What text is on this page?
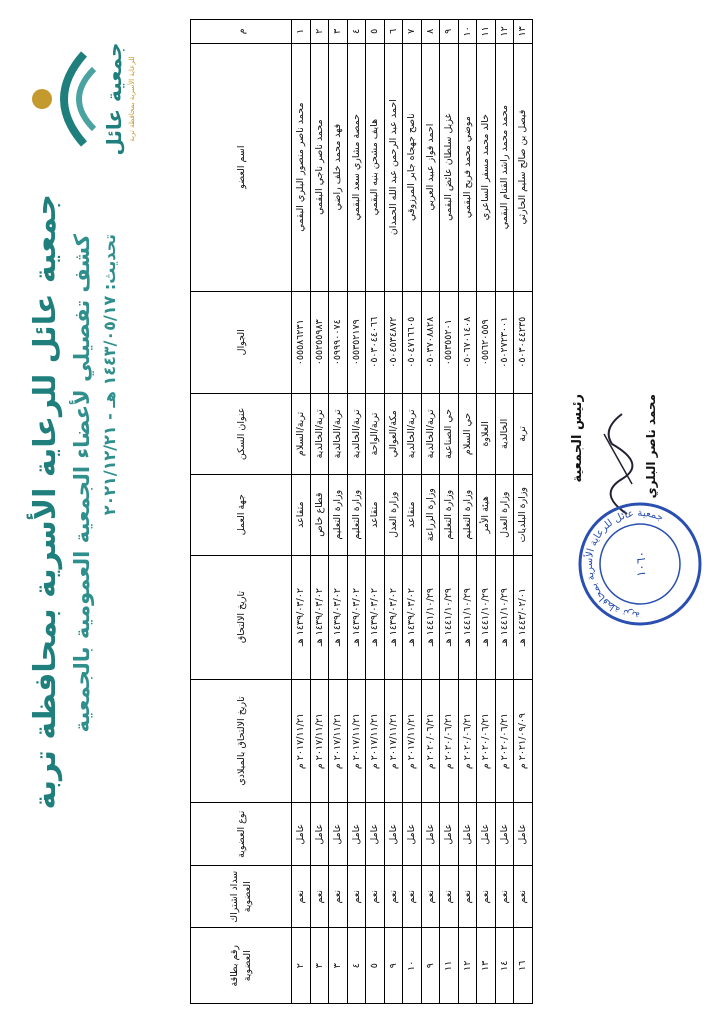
جمعية عائل للرعاية الأسرية بمحافظة تربة
جمعية عائل للرعاية الأسرية بمحافظة تربة كشف تفصيلي لأعضاء الجمعية العمومية بالجمعية تحديث: ١٤٤٣/٠٥/١٧ هـ - ٢٠٢١/١٢/٢١
م	اسم العضو	الجوال	عنوان السكن	جهة العمل	تاريخ الالتحاق	تاريخ الالتحاق بالميلادي	نوع العضوية	سداد اشتراك العضوية	رقم بطاقة العضوية
١	محمد ناصر منصور البلري البقمي	٠٥٥٥٨٦٢٣١	تربة/السلام	متقاعد	١٤٣٩/٠٣/٠٢ هـ	٢٠١٧/١١/٢١ م	عامل	نعم	٢
٢	محمد ناصر ناجي البقمي	٠٥٥٢٥٥٩٨٣	تربة/الخالدية	قطاع خاص	١٤٣٩/٠٣/٠٢ هـ	٢٠١٧/١١/٢١ م	عامل	نعم	٣
٣	فهد محمد خلف راضي	٠٥٩٩٩٠٠٧٤	تربة/الخالدية	وزارة التعليم	١٤٣٩/٠٣/٠٢ هـ	٢٠١٧/١١/٢١ م	عامل	نعم	٣
٤	حمصة مشاري سعد البقمي	٠٥٥٣٥٢١٧٩	تربة/الخالدية	وزارة التعليم	١٤٣٩/٠٣/٠٢ هـ	٢٠١٧/١١/٢١ م	عامل	نعم	٤
٥	هايف مشحن بنيه البقمي	٠٥٠٣٠٤٤٠٦٦	تربة/الواحة	متقاعد	١٤٣٩/٠٣/٠٢ هـ	٢٠١٧/١١/٢١ م	عامل	نعم	٥
٦	احمد عبد الرحمن عبد الله الحمدان	٠٥٠٤٥٣٤٨٧٢	مكة/العوالي	وزارة العدل	١٤٣٩/٠٣/٠٢ هـ	٢٠١٧/١١/٢١ م	عامل	نعم	٩
٧	ناصح جهجاه جابر المرزوقي	٠٥٠٤٧١٦٦٠٥	تربة/الخالدية	متقاعد	١٤٣٩/٠٣/٠٢ هـ	٢٠١٧/١١/٢١ م	عامل	نعم	١٠
٨	احمد فواز عبيد العربي	٠٥٠٣٧٠٨٨٢٨	تربة/الخالدية	وزارة الزراعة	١٤٤١/١٠/٢٩ هـ	٢٠٢٠/٠٦/٢١ م	عامل	نعم	٩
٩	غزيل سلطان عائض البقمي	٠٥٥٣٥٥٢٠١	حي الصناعية	وزارة التعليم	١٤٤١/١٠/٢٩ هـ	٢٠٢٠/٠٦/٢١ م	عامل	نعم	١١
١٠	موضي محمد فريح البقمي	٠٥٠٦٧٠١٤٠٨	حي السلام	وزارة التعليم	١٤٤١/١٠/٢٩ هـ	٢٠٢٠/٠٦/٢١ م	عامل	نعم	١٢
١١	خالد محمد مسفر الساعري	٠٥٥٦٢٠٥٥٩	العلاوة	هيئة الأمر	١٤٤١/١٠/٢٩ هـ	٢٠٢٠/٠٦/٢١ م	عامل	نعم	١٣
١٢	محمد محمد راشد القنام البقمي	٠٥٠٢٧٢٣٠٠١	الخالدية	وزارة العدل	١٤٤١/١٠/٢٩ هـ	٢٠٢٠/٠٦/٢١ م	عامل	نعم	١٤
١٣	فيصل بن صالح سليم الحارثي	٠٥٠٣٠٤٤٢٣٥	تربة	وزارة البلديات	١٤٤٣/٠٢/٠١ هـ	٢٠٢١/٠٩/٠٩ م	عامل	نعم	١٦
رئيس الجمعية	محمد ناصر البلري
جمعية عائل للرعاية الأسرية بمحافظة تربة
١٠٦٠
